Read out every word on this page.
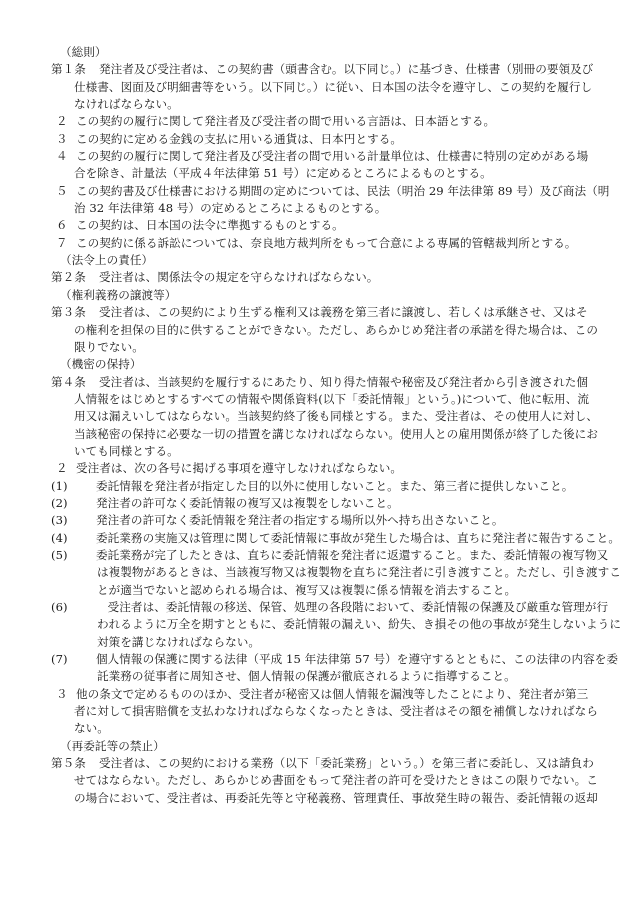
（総則）
第１条	発注者及び受注者は、この契約書（頭書含む。以下同じ。）に基づき、仕様書（別冊の要領及び
仕様書、図面及び明細書等をいう。以下同じ。）に従い、日本国の法令を遵守し、この契約を履行し
なければならない。
２ この契約の履行に関して発注者及び受注者の間で用いる言語は、日本語とする。
３ この契約に定める金銭の支払に用いる通貨は、日本円とする。
４ この契約の履行に関して発注者及び受注者の間で用いる計量単位は、仕様書に特別の定めがある場
合を除き、計量法（平成４年法律第 51 号）に定めるところによるものとする。
５ この契約書及び仕様書における期間の定めについては、民法（明治 29 年法律第 89 号）及び商法（明
治 32 年法律第 48 号）の定めるところによるものとする。
６ この契約は、日本国の法令に準拠するものとする。
７ この契約に係る訴訟については、奈良地方裁判所をもって合意による専属的管轄裁判所とする。
（法令上の責任）
第２条	受注者は、関係法令の規定を守らなければならない。
（権利義務の譲渡等）
第３条	受注者は、この契約により生ずる権利又は義務を第三者に譲渡し、若しくは承継させ、又はそ
の権利を担保の目的に供することができない。ただし、あらかじめ発注者の承諾を得た場合は、この
限りでない。
（機密の保持）
第４条	受注者は、当該契約を履行するにあたり、知り得た情報や秘密及び発注者から引き渡された個
人情報をはじめとするすべての情報や関係資料(以下「委託情報」という。)について、他に転用、流
用又は漏えいしてはならない。当該契約終了後も同様とする。また、受注者は、その使用人に対し、
当該秘密の保持に必要な一切の措置を講じなければならない。使用人との雇用関係が終了した後にお
いても同様とする。
２ 受注者は、次の各号に掲げる事項を遵守しなければならない。
(1)	委託情報を発注者が指定した目的以外に使用しないこと。また、第三者に提供しないこと。
(2)	発注者の許可なく委託情報の複写又は複製をしないこと。
(3)	発注者の許可なく委託情報を発注者の指定する場所以外へ持ち出さないこと。
(4)	委託業務の実施又は管理に関して委託情報に事故が発生した場合は、直ちに発注者に報告すること。
(5)	委託業務が完了したときは、直ちに委託情報を発注者に返還すること。また、委託情報の複写物又
は複製物があるときは、当該複写物又は複製物を直ちに発注者に引き渡すこと。ただし、引き渡すこ
とが適当でないと認められる場合は、複写又は複製に係る情報を消去すること。
(6)	　受注者は、委託情報の移送、保管、処理の各段階において、委託情報の保護及び厳重な管理が行
われるように万全を期すとともに、委託情報の漏えい、紛失、き損その他の事故が発生しないように
対策を講じなければならない。
(7)	個人情報の保護に関する法律（平成 15 年法律第 57 号）を遵守するとともに、この法律の内容を委
託業務の従事者に周知させ、個人情報の保護が徹底されるように指導すること。
３ 他の条文で定めるもののほか、受注者が秘密又は個人情報を漏洩等したことにより、発注者が第三
者に対して損害賠償を支払わなければならなくなったときは、受注者はその額を補償しなければなら
ない。
（再委託等の禁止）
第５条	受注者は、この契約における業務（以下「委託業務」という。）を第三者に委託し、又は請負わ
せてはならない。ただし、あらかじめ書面をもって発注者の許可を受けたときはこの限りでない。こ
の場合において、受注者は、再委託先等と守秘義務、管理責任、事故発生時の報告、委託情報の返却
